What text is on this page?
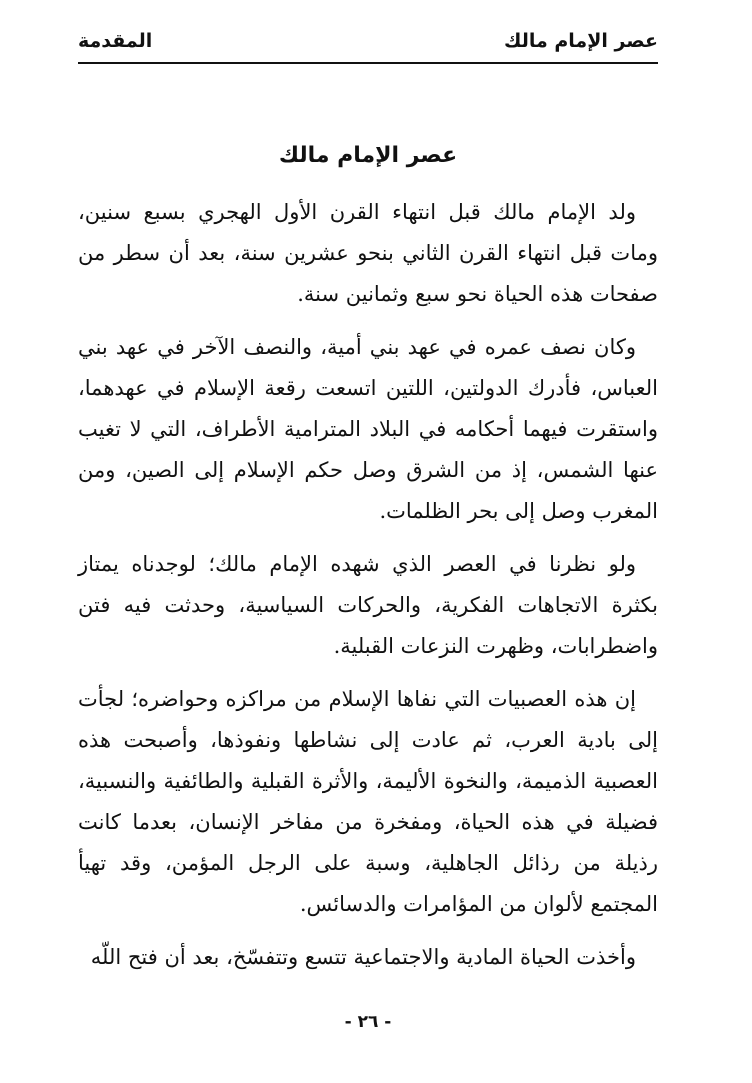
عصر الإمام مالك
المقدمة
عصر الإمام مالك

ولد الإمام مالك قبل انتهاء القرن الأول الهجري بسبع سنين، ومات قبل انتهاء القرن الثاني بنحو عشرين سنة، بعد أن سطر من صفحات هذه الحياة نحو سبع وثمانين سنة.

وكان نصف عمره في عهد بني أمية، والنصف الآخر في عهد بني العباس، فأدرك الدولتين، اللتين اتسعت رقعة الإسلام في عهدهما، واستقرت فيهما أحكامه في البلاد المترامية الأطراف، التي لا تغيب عنها الشمس، إذ من الشرق وصل حكم الإسلام إلى الصين، ومن المغرب وصل إلى بحر الظلمات.

ولو نظرنا في العصر الذي شهده الإمام مالك؛ لوجدناه يمتاز بكثرة الاتجاهات الفكرية، والحركات السياسية، وحدثت فيه فتن واضطرابات، وظهرت النزعات القبلية.

إن هذه العصبيات التي نفاها الإسلام من مراكزه وحواضره؛ لجأت إلى بادية العرب، ثم عادت إلى نشاطها ونفوذها، وأصبحت هذه العصبية الذميمة، والنخوة الأليمة، والأثرة القبلية والطائفية والنسبية، فضيلة في هذه الحياة، ومفخرة من مفاخر الإنسان، بعدما كانت رذيلة من رذائل الجاهلية، وسبة على الرجل المؤمن، وقد تهيأ المجتمع لألوان من المؤامرات والدسائس.

وأخذت الحياة المادية والاجتماعية تتسع وتتفسّخ، بعد أن فتح اللّه

- ٢٦ -
